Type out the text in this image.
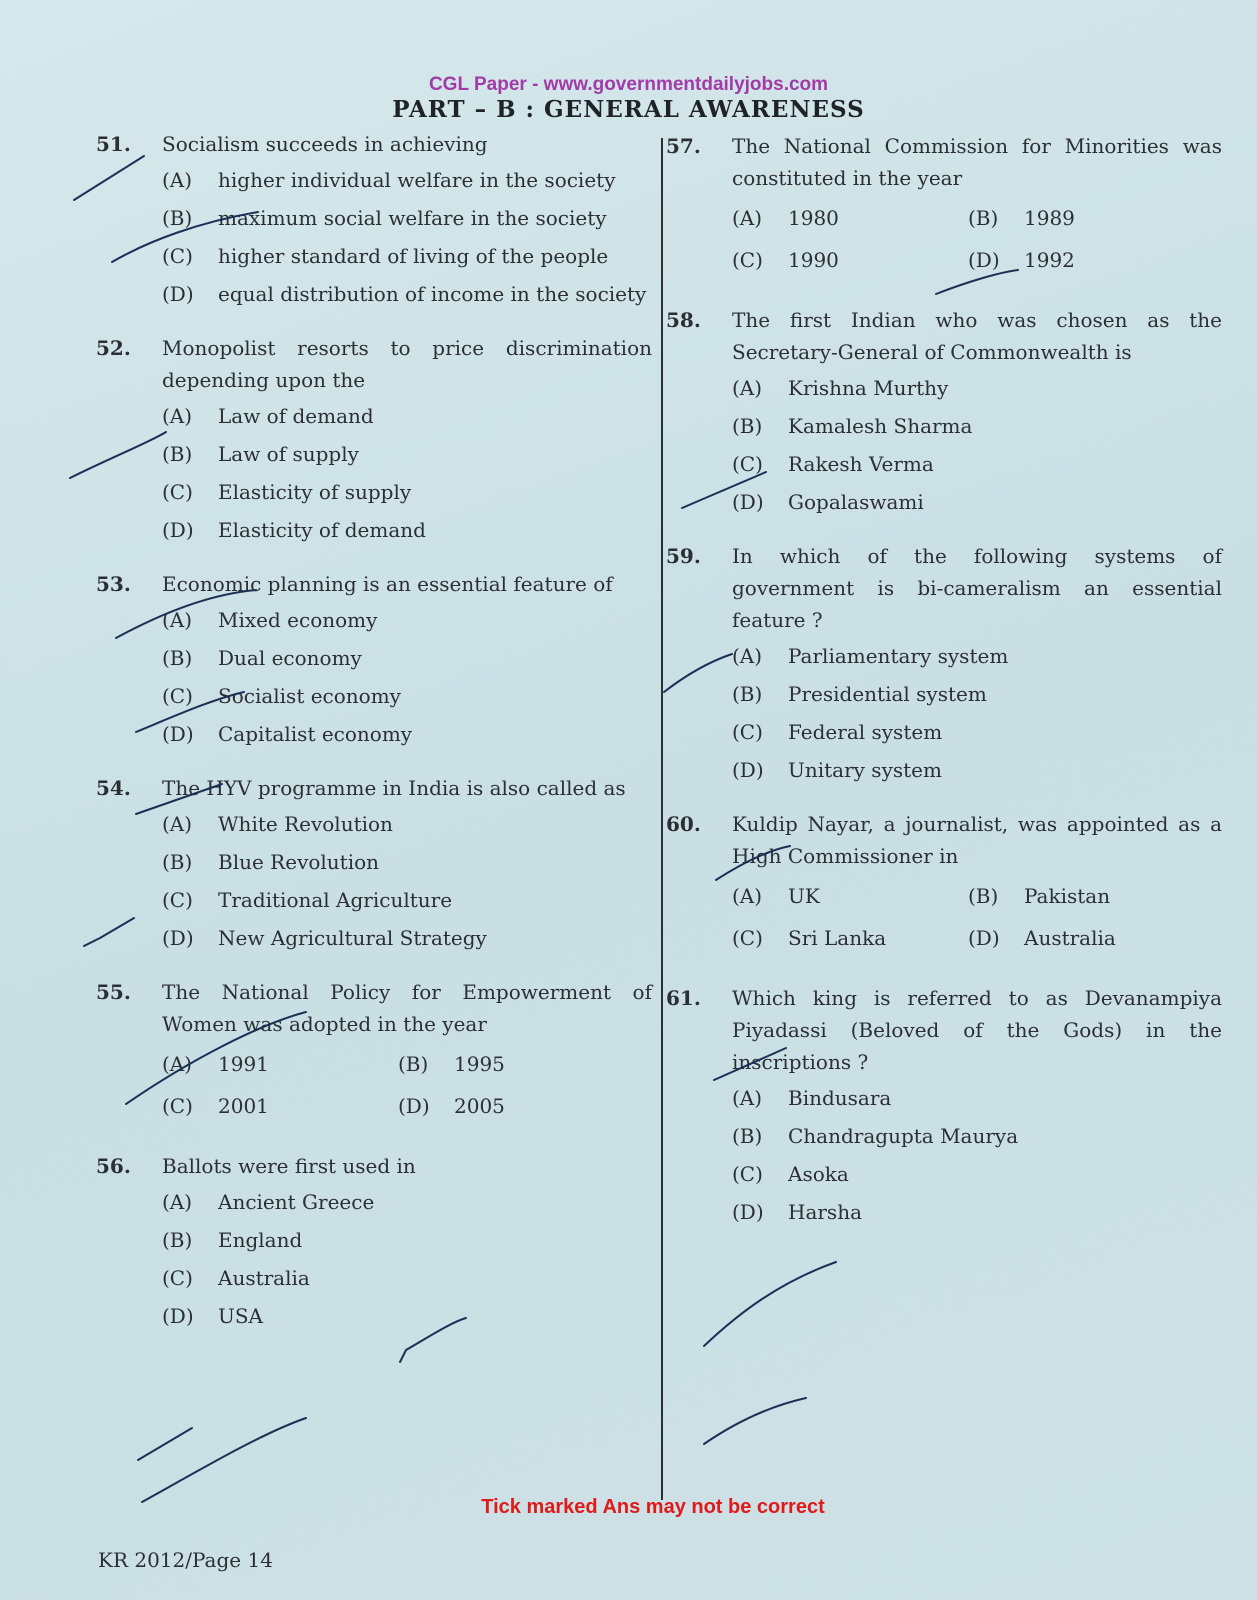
CGL Paper - www.governmentdailyjobs.com
PART – B : GENERAL AWARENESS
51.	Socialism succeeds in achieving
(A)	higher individual welfare in the society
(B)	maximum social welfare in the society
(C)	higher standard of living of the people
(D)	equal distribution of income in the society
52.	Monopolist resorts to price discrimination depending upon the
(A)	Law of demand
(B)	Law of supply
(C)	Elasticity of supply
(D)	Elasticity of demand
53.	Economic planning is an essential feature of
(A)	Mixed economy
(B)	Dual economy
(C)	Socialist economy
(D)	Capitalist economy
54.	The HYV programme in India is also called as
(A)	White Revolution
(B)	Blue Revolution
(C)	Traditional Agriculture
(D)	New Agricultural Strategy
55.	The National Policy for Empowerment of Women was adopted in the year
(A)	1991	(B)	1995
(C)	2001	(D)	2005
56.	Ballots were first used in
(A)	Ancient Greece
(B)	England
(C)	Australia
(D)	USA
57.	The National Commission for Minorities was constituted in the year
(A)	1980	(B)	1989
(C)	1990	(D)	1992
58.	The first Indian who was chosen as the Secretary-General of Commonwealth is
(A)	Krishna Murthy
(B)	Kamalesh Sharma
(C)	Rakesh Verma
(D)	Gopalaswami
59.	In which of the following systems of government is bi-cameralism an essential feature ?
(A)	Parliamentary system
(B)	Presidential system
(C)	Federal system
(D)	Unitary system
60.	Kuldip Nayar, a journalist, was appointed as a High Commissioner in
(A)	UK	(B)	Pakistan
(C)	Sri Lanka	(D)	Australia
61.	Which king is referred to as Devanampiya Piyadassi (Beloved of the Gods) in the inscriptions ?
(A)	Bindusara
(B)	Chandragupta Maurya
(C)	Asoka
(D)	Harsha
Tick marked Ans may not be correct
KR 2012/Page 14
